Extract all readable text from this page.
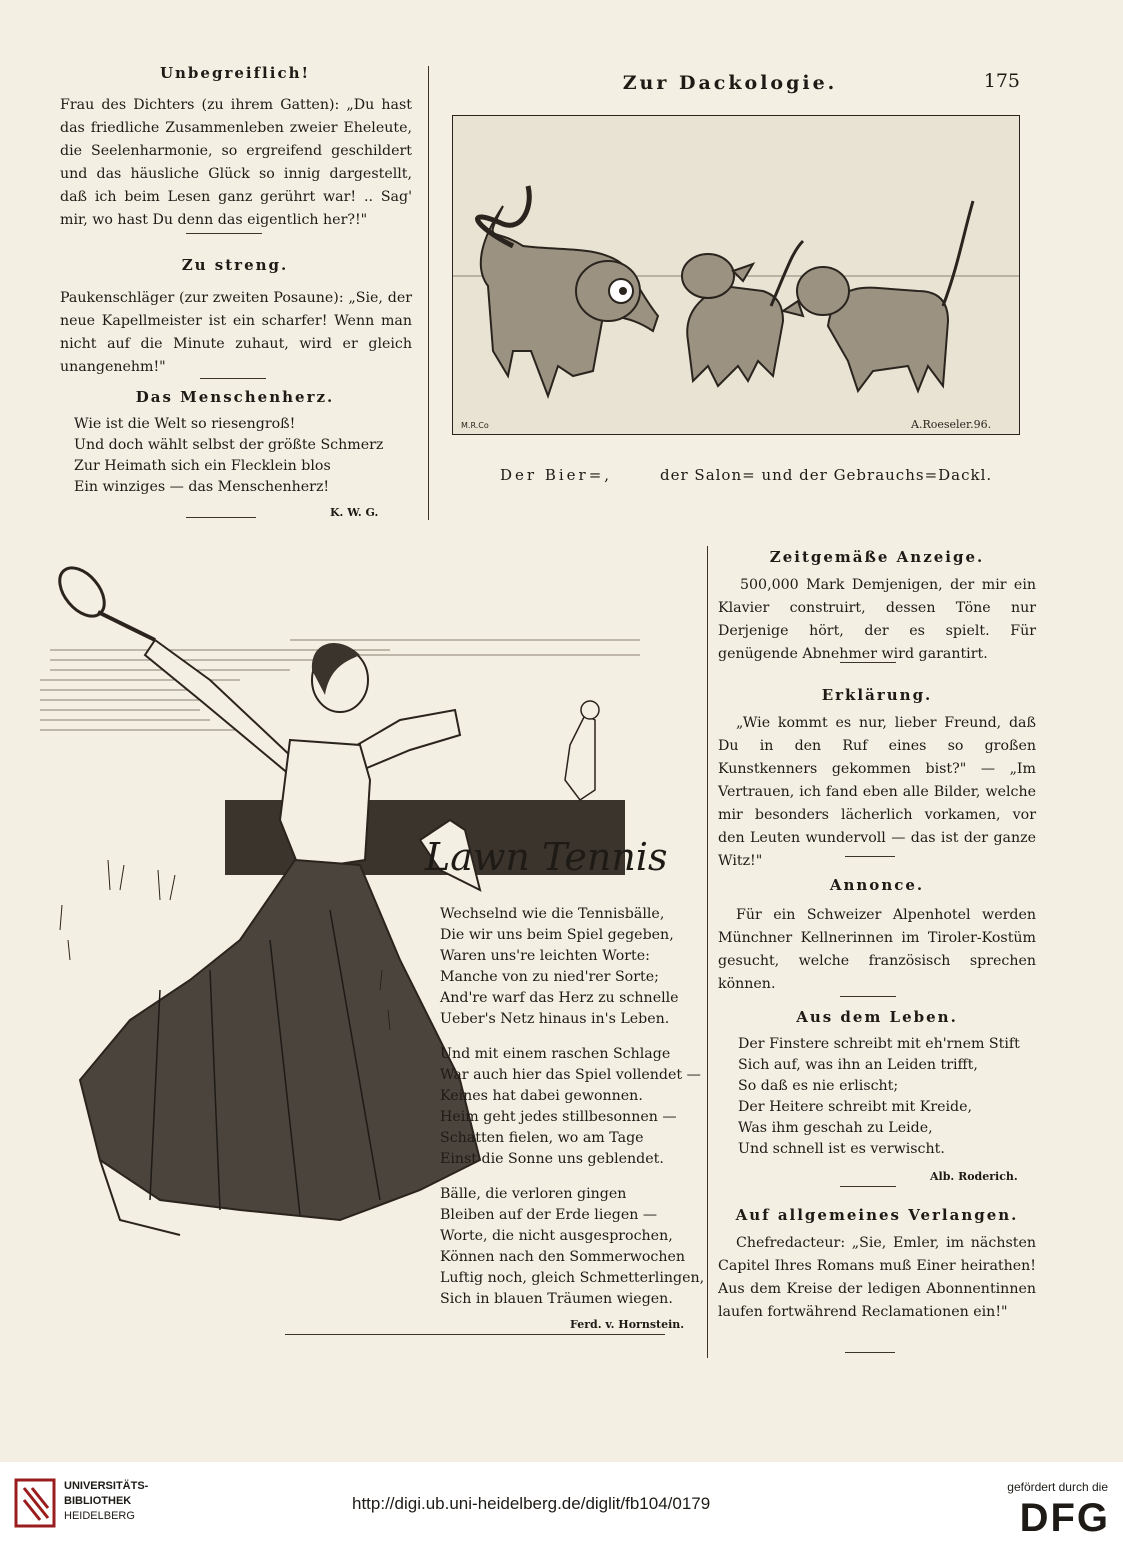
Zur Dackologie.	175
Unbegreiflich!
Frau des Dichters (zu ihrem Gatten): „Du hast das friedliche Zusammenleben zweier Eheleute, die Seelenharmonie, so ergreifend geschildert und das häusliche Glück so innig dargestellt, daß ich beim Lesen ganz gerührt war! .. Sag' mir, wo hast Du denn das eigentlich her?!"
Zu streng.
Paukenschläger (zur zweiten Posaune): „Sie, der neue Kapellmeister ist ein scharfer! Wenn man nicht auf die Minute zuhaut, wird er gleich unangenehm!"
Das Menschenherz.
Wie ist die Welt so riesengroß!
Und doch wählt selbst der größte Schmerz
Zur Heimath sich ein Flecklein blos
Ein winziges — das Menschenherz!
K. W. G.
M.R.Co	A.Roeseler.96.
Der Bier=,	der Salon= und der Gebrauchs=Dackl.
Lawn Tennis
Wechselnd wie die Tennisbälle,
Die wir uns beim Spiel gegeben,
Waren uns're leichten Worte:
Manche von zu nied'rer Sorte;
And're warf das Herz zu schnelle
Ueber's Netz hinaus in's Leben.
Und mit einem raschen Schlage
War auch hier das Spiel vollendet —
Keines hat dabei gewonnen.
Heim geht jedes stillbesonnen —
Schatten fielen, wo am Tage
Einst die Sonne uns geblendet.
Bälle, die verloren gingen
Bleiben auf der Erde liegen —
Worte, die nicht ausgesprochen,
Können nach den Sommerwochen
Luftig noch, gleich Schmetterlingen,
Sich in blauen Träumen wiegen.
Ferd. v. Hornstein.
Zeitgemäße Anzeige.
500,000 Mark Demjenigen, der mir ein Klavier construirt, dessen Töne nur Derjenige hört, der es spielt. Für genügende Abnehmer wird garantirt.
Erklärung.
„Wie kommt es nur, lieber Freund, daß Du in den Ruf eines so großen Kunstkenners gekommen bist?" — „Im Vertrauen, ich fand eben alle Bilder, welche mir besonders lächerlich vorkamen, vor den Leuten wundervoll — das ist der ganze Witz!"
Annonce.
Für ein Schweizer Alpenhotel werden Münchner Kellnerinnen im Tiroler-Kostüm gesucht, welche französisch sprechen können.
Aus dem Leben.
Der Finstere schreibt mit eh'rnem Stift
Sich auf, was ihn an Leiden trifft,
So daß es nie erlischt;
Der Heitere schreibt mit Kreide,
Was ihm geschah zu Leide,
Und schnell ist es verwischt.
Alb. Roderich.
Auf allgemeines Verlangen.
Chefredacteur: „Sie, Emler, im nächsten Capitel Ihres Romans muß Einer heirathen! Aus dem Kreise der ledigen Abonnentinnen laufen fortwährend Reclamationen ein!"
UNIVERSITÄTS-
BIBLIOTHEK
HEIDELBERG
http://digi.ub.uni-heidelberg.de/diglit/fb104/0179
gefördert durch die
DFG
